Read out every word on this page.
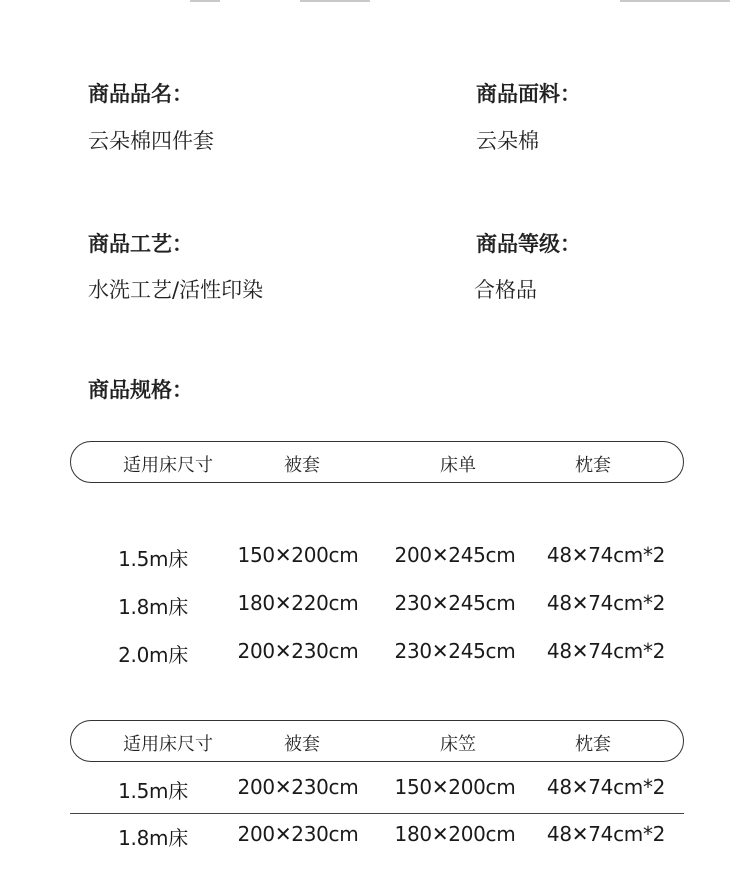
商品品名：
云朵棉四件套
商品面料：
云朵棉
商品工艺：
水洗工艺/活性印染
商品等级：
合格品
商品规格：
适用床尺寸	被套	床单	枕套
1.5m床 150✕200cm 200✕245cm 48✕74cm*2
1.8m床 180✕220cm 230✕245cm 48✕74cm*2
2.0m床 200✕230cm 230✕245cm 48✕74cm*2
适用床尺寸	被套	床笠	枕套
1.5m床 200✕230cm 150✕200cm 48✕74cm*2
1.8m床 200✕230cm 180✕200cm 48✕74cm*2
